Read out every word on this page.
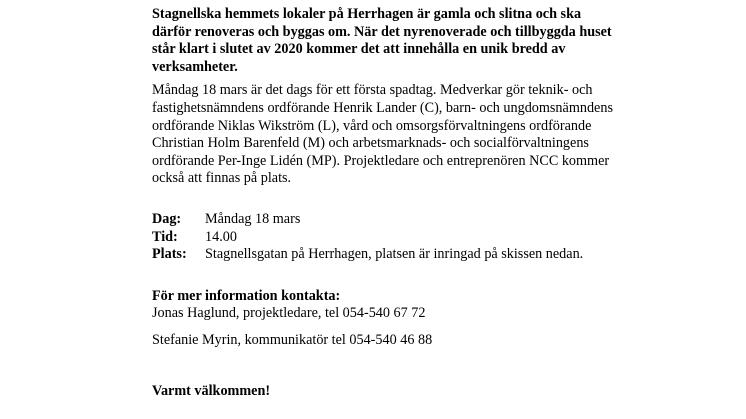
Stagnellska hemmets lokaler på Herrhagen är gamla och slitna och ska därför renoveras och byggas om. När det nyrenoverade och tillbyggda huset står klart i slutet av 2020 kommer det att innehålla en unik bredd av verksamheter.

Måndag 18 mars är det dags för ett första spadtag. Medverkar gör teknik- och fastighetsnämndens ordförande Henrik Lander (C), barn- och ungdomsnämndens ordförande Niklas Wikström (L), vård och omsorgsförvaltningens ordförande Christian Holm Barenfeld (M) och arbetsmarknads- och socialförvaltningens ordförande Per-Inge Lidén (MP). Projektledare och entreprenören NCC kommer också att finnas på plats.

Dag:	Måndag 18 mars
Tid:	14.00
Plats:	Stagnellsgatan på Herrhagen, platsen är inringad på skissen nedan.
För mer information kontakta:
Jonas Haglund, projektledare, tel 054-540 67 72
Stefanie Myrin, kommunikatör tel 054-540 46 88
Varmt välkommen!
